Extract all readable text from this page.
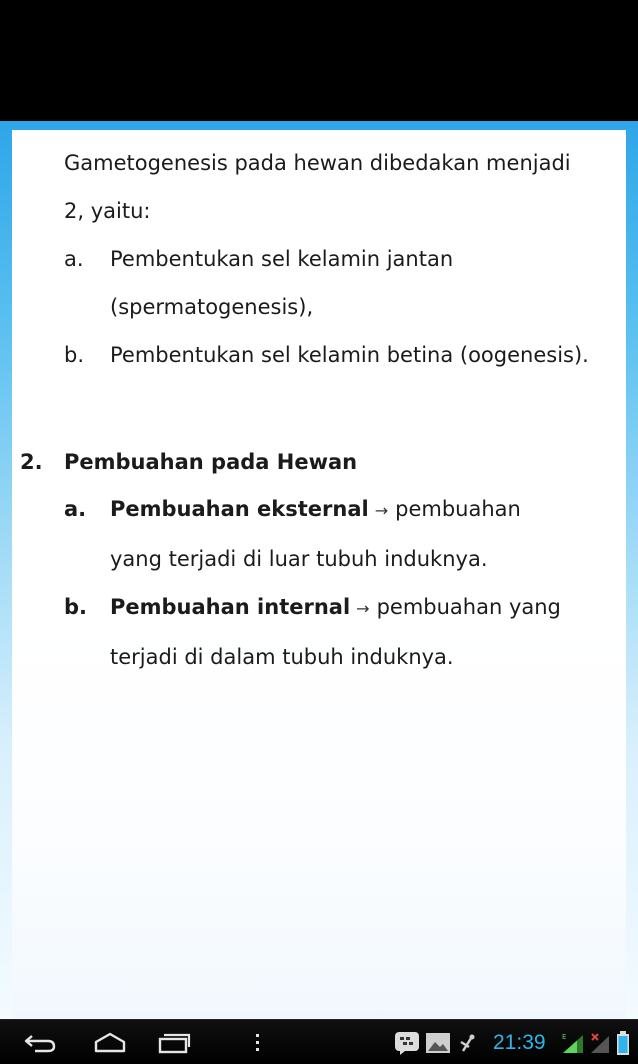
Gametogenesis pada hewan dibedakan menjadi
2, yaitu:
a.	Pembentukan sel kelamin jantan
(spermatogenesis),
b.	Pembentukan sel kelamin betina (oogenesis).
2.	Pembuahan pada Hewan
a.	Pembuahan eksternal → pembuahan
yang terjadi di luar tubuh induknya.
b.	Pembuahan internal → pembuahan yang
terjadi di dalam tubuh induknya.
21:39 E
